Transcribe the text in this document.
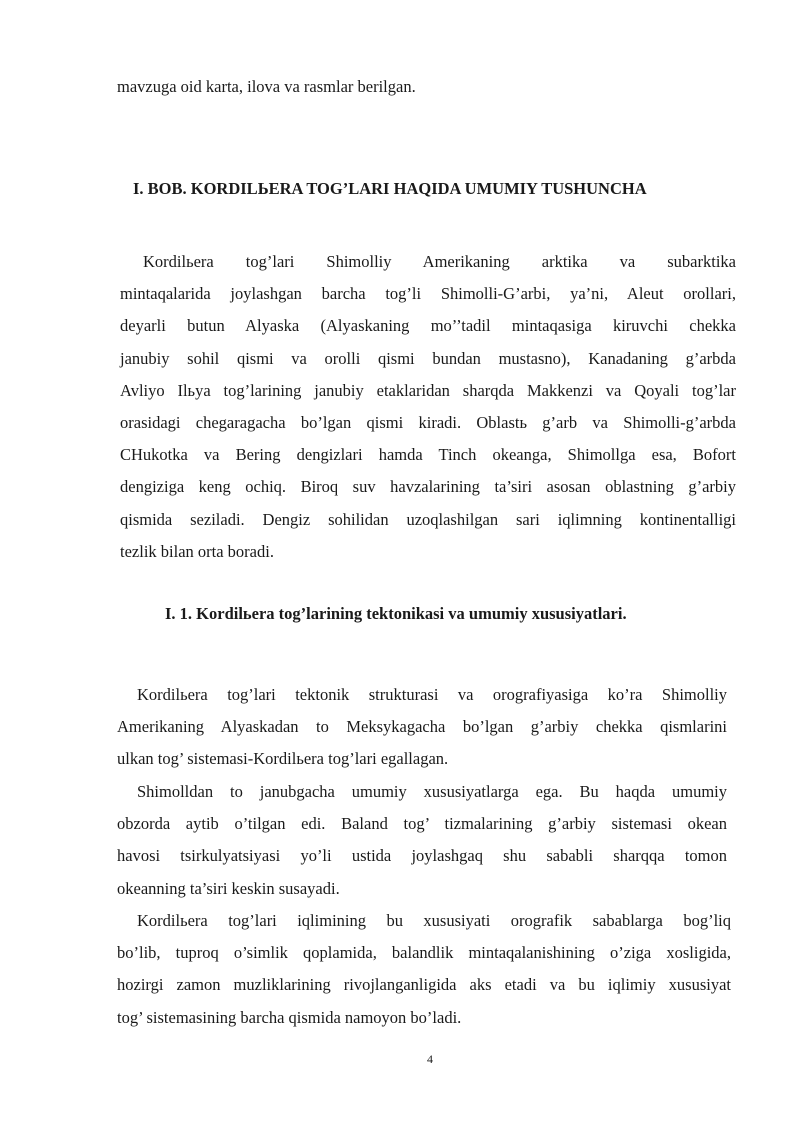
mavzuga oid karta, ilova va rasmlar berilgan.
I. BOB. KORDILЬERA TOG’LARI HAQIDA UMUMIY TUSHUNCHA
Kordilьera tog’lari Shimolliy Amerikaning arktika va subarktika
mintaqalarida joylashgan barcha tog’li Shimolli-G’arbi, ya’ni, Aleut orollari,
deyarli butun Alyaska (Alyaskaning mo’’tadil mintaqasiga kiruvchi chekka
janubiy sohil qismi va orolli qismi bundan mustasno), Kanadaning g’arbda
Avliyo Ilьya tog’larining janubiy etaklaridan sharqda Makkenzi va Qoyali tog’lar
orasidagi chegaragacha bo’lgan qismi kiradi. Oblastь g’arb va Shimolli-g’arbda
CHukotka va Bering dengizlari hamda Tinch okeanga, Shimollga esa, Bofort
dengiziga keng ochiq. Biroq suv havzalarining ta’siri asosan oblastning g’arbiy
qismida seziladi. Dengiz sohilidan uzoqlashilgan sari iqlimning kontinentalligi
tezlik bilan orta boradi.
I. 1. Kordilьera tog’larining tektonikasi va umumiy xususiyatlari.
Kordilьera tog’lari tektonik strukturasi va orografiyasiga ko’ra Shimolliy
Amerikaning Alyaskadan to Meksykagacha bo’lgan g’arbiy chekka qismlarini
ulkan tog’ sistemasi-Kordilьera tog’lari egallagan.
Shimolldan to janubgacha umumiy xususiyatlarga ega. Bu haqda umumiy
obzorda aytib o’tilgan edi. Baland tog’ tizmalarining g’arbiy sistemasi okean
havosi tsirkulyatsiyasi yo’li ustida joylashgaq shu sababli sharqqa tomon
okeanning ta’siri keskin susayadi.
Kordilьera tog’lari iqlimining bu xususiyati orografik sabablarga bog’liq
bo’lib, tuproq o’simlik qoplamida, balandlik mintaqalanishining o’ziga xosligida,
hozirgi zamon muzliklarining rivojlanganligida aks etadi va bu iqlimiy xususiyat
tog’ sistemasining barcha qismida namoyon bo’ladi.
4
